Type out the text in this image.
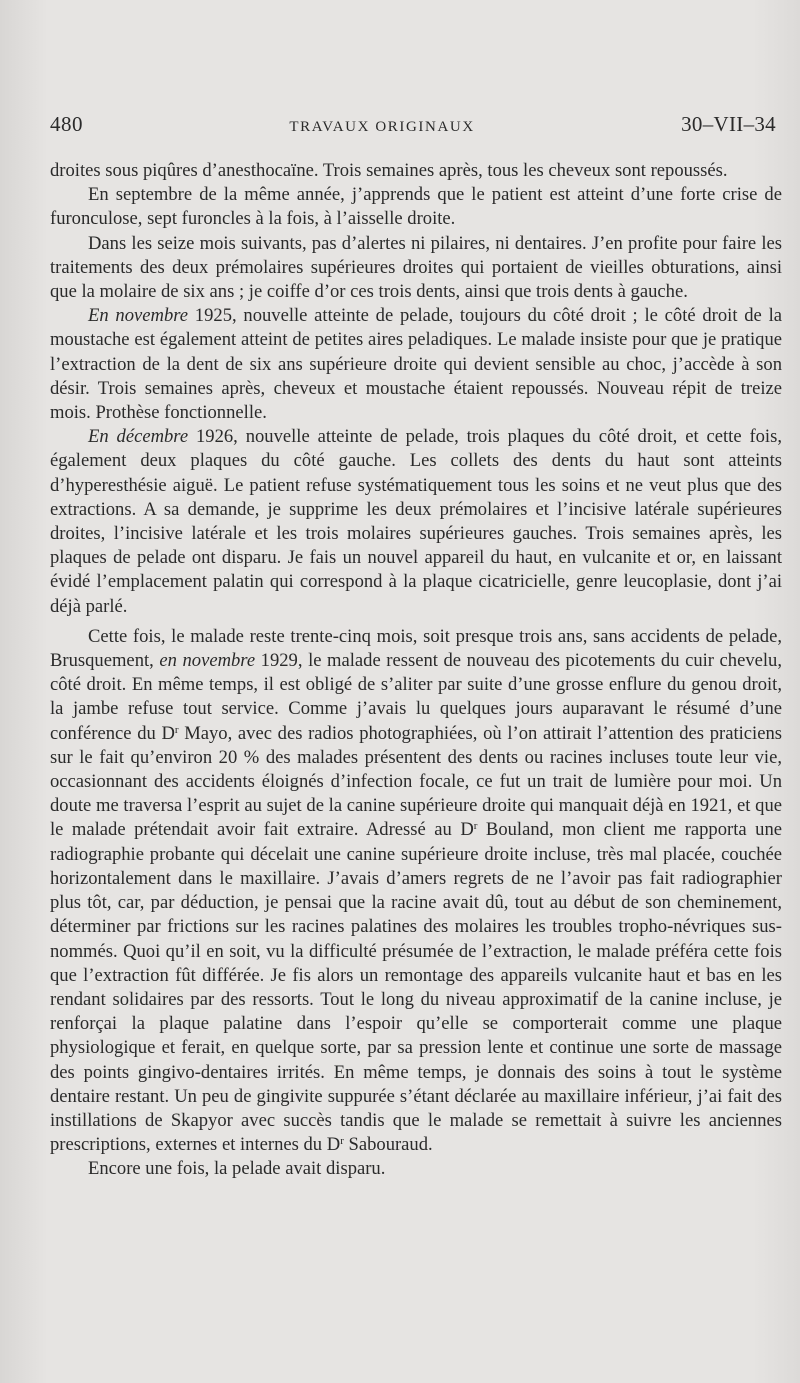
480	TRAVAUX ORIGINAUX	30–VII–34

droites sous piqûres d’anesthocaïne. Trois semaines après, tous les cheveux sont repoussés.

En septembre de la même année, j’apprends que le patient est atteint d’une forte crise de furonculose, sept furoncles à la fois, à l’aisselle droite.

Dans les seize mois suivants, pas d’alertes ni pilaires, ni dentaires. J’en profite pour faire les traitements des deux prémolaires supérieures droites qui portaient de vieilles obturations, ainsi que la molaire de six ans ; je coiffe d’or ces trois dents, ainsi que trois dents à gauche.

En novembre 1925, nouvelle atteinte de pelade, toujours du côté droit ; le côté droit de la moustache est également atteint de petites aires peladiques. Le malade insiste pour que je pratique l’extraction de la dent de six ans supérieure droite qui devient sensible au choc, j’accède à son désir. Trois semaines après, cheveux et moustache étaient repoussés. Nouveau répit de treize mois. Prothèse fonctionnelle.

En décembre 1926, nouvelle atteinte de pelade, trois plaques du côté droit, et cette fois, également deux plaques du côté gauche. Les collets des dents du haut sont atteints d’hyperesthésie aiguë. Le patient refuse systématiquement tous les soins et ne veut plus que des extractions. A sa demande, je supprime les deux prémolaires et l’incisive latérale supérieures droites, l’incisive latérale et les trois molaires supérieures gauches. Trois semaines après, les plaques de pelade ont disparu. Je fais un nouvel appareil du haut, en vulcanite et or, en laissant évidé l’emplacement palatin qui correspond à la plaque cicatricielle, genre leucoplasie, dont j’ai déjà parlé.

Cette fois, le malade reste trente-cinq mois, soit presque trois ans, sans accidents de pelade, Brusquement, en novembre 1929, le malade ressent de nouveau des picotements du cuir chevelu, côté droit. En même temps, il est obligé de s’aliter par suite d’une grosse enflure du genou droit, la jambe refuse tout service. Comme j’avais lu quelques jours auparavant le résumé d’une conférence du $D^r$ Mayo, avec des radios photographiées, où l’on attirait l’attention des praticiens sur le fait qu’environ 20 % des malades présentent des dents ou racines incluses toute leur vie, occasionnant des accidents éloignés d’infection focale, ce fut un trait de lumière pour moi. Un doute me traversa l’esprit au sujet de la canine supérieure droite qui manquait déjà en 1921, et que le malade prétendait avoir fait extraire. Adressé au $D^r$ Bouland, mon client me rapporta une radiographie probante qui décelait une canine supérieure droite incluse, très mal placée, couchée horizontalement dans le maxillaire. J’avais d’amers regrets de ne l’avoir pas fait radiographier plus tôt, car, par déduction, je pensai que la racine avait dû, tout au début de son cheminement, déterminer par frictions sur les racines palatines des molaires les troubles tropho-névriques sus-nommés. Quoi qu’il en soit, vu la difficulté présumée de l’extraction, le malade préféra cette fois que l’extraction fût différée. Je fis alors un remontage des appareils vulcanite haut et bas en les rendant solidaires par des ressorts. Tout le long du niveau approximatif de la canine incluse, je renforçai la plaque palatine dans l’espoir qu’elle se comporterait comme une plaque physiologique et ferait, en quelque sorte, par sa pression lente et continue une sorte de massage des points gingivo-dentaires irrités. En même temps, je donnais des soins à tout le système dentaire restant. Un peu de gingivite suppurée s’étant déclarée au maxillaire inférieur, j’ai fait des instillations de Skapyor avec succès tandis que le malade se remettait à suivre les anciennes prescriptions, externes et internes du $D^r$ Sabouraud.

Encore une fois, la pelade avait disparu.
